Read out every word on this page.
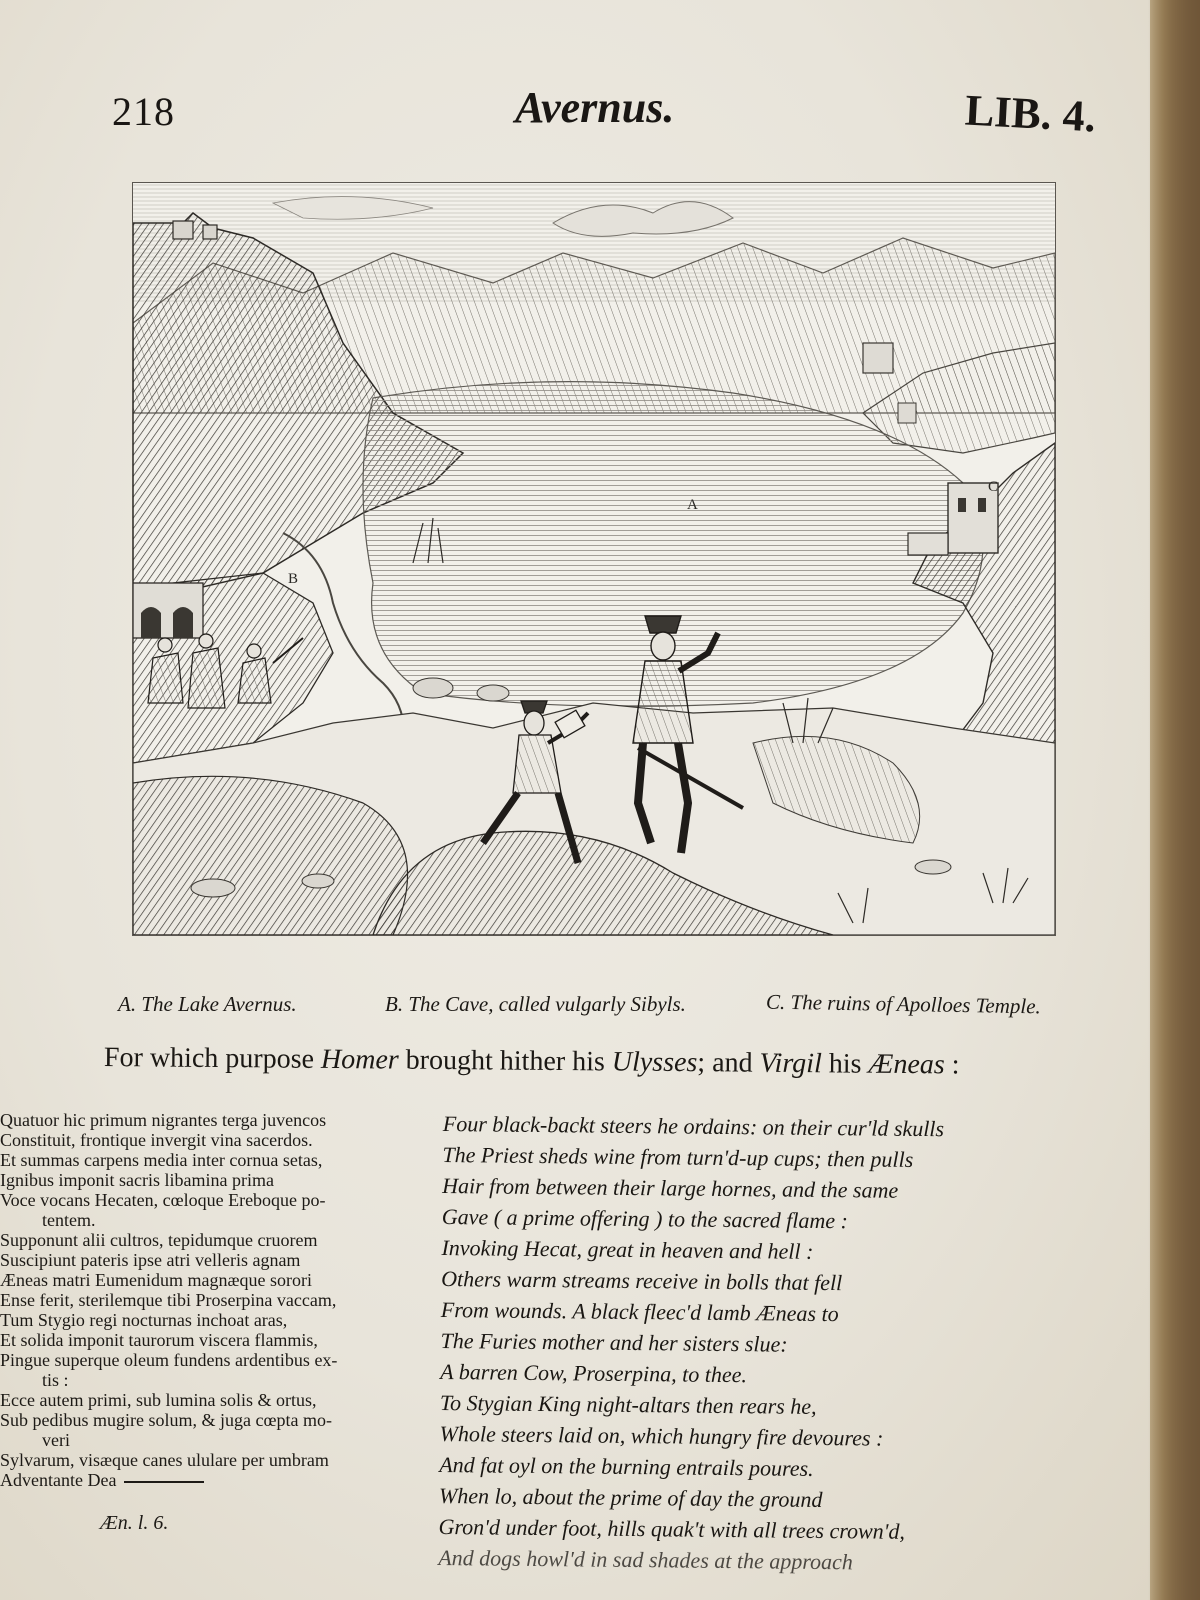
218	Avernus.	LIB. 4.
A
B
C
A. The Lake Avernus.	B. The Cave, called vulgarly Sibyls.	C. The ruins of Apolloes Temple.
For which purpose Homer brought hither his Ulysses; and Virgil his Æneas :
Quatuor hic primum nigrantes terga juvencos
Constituit, frontique invergit vina sacerdos.
Et summas carpens media inter cornua setas,
Ignibus imponit sacris libamina prima
Voce vocans Hecaten, cœloque Ereboque po-
tentem.
Supponunt alii cultros, tepidumque cruorem
Suscipiunt pateris ipse atri velleris agnam
Æneas matri Eumenidum magnæque sorori
Ense ferit, sterilemque tibi Proserpina vaccam,
Tum Stygio regi nocturnas inchoat aras,
Et solida imponit taurorum viscera flammis,
Pingue superque oleum fundens ardentibus ex-
tis :
Ecce autem primi, sub lumina solis & ortus,
Sub pedibus mugire solum, & juga cœpta mo-
veri
Sylvarum, visæque canes ululare per umbram
Adventante Dea
Æn. l. 6.
Four black-backt steers he ordains: on their cur'ld skulls
The Priest sheds wine from turn'd-up cups; then pulls
Hair from between their large hornes, and the same
Gave ( a prime offering ) to the sacred flame :
Invoking Hecat, great in heaven and hell :
Others warm streams receive in bolls that fell
From wounds. A black fleec'd lamb Æneas to
The Furies mother and her sisters slue:
A barren Cow, Proserpina, to thee.
To Stygian King night-altars then rears he,
Whole steers laid on, which hungry fire devoures :
And fat oyl on the burning entrails poures.
When lo, about the prime of day the ground
Gron'd under foot, hills quak't with all trees crown'd,
And dogs howl'd in sad shades at the approach
